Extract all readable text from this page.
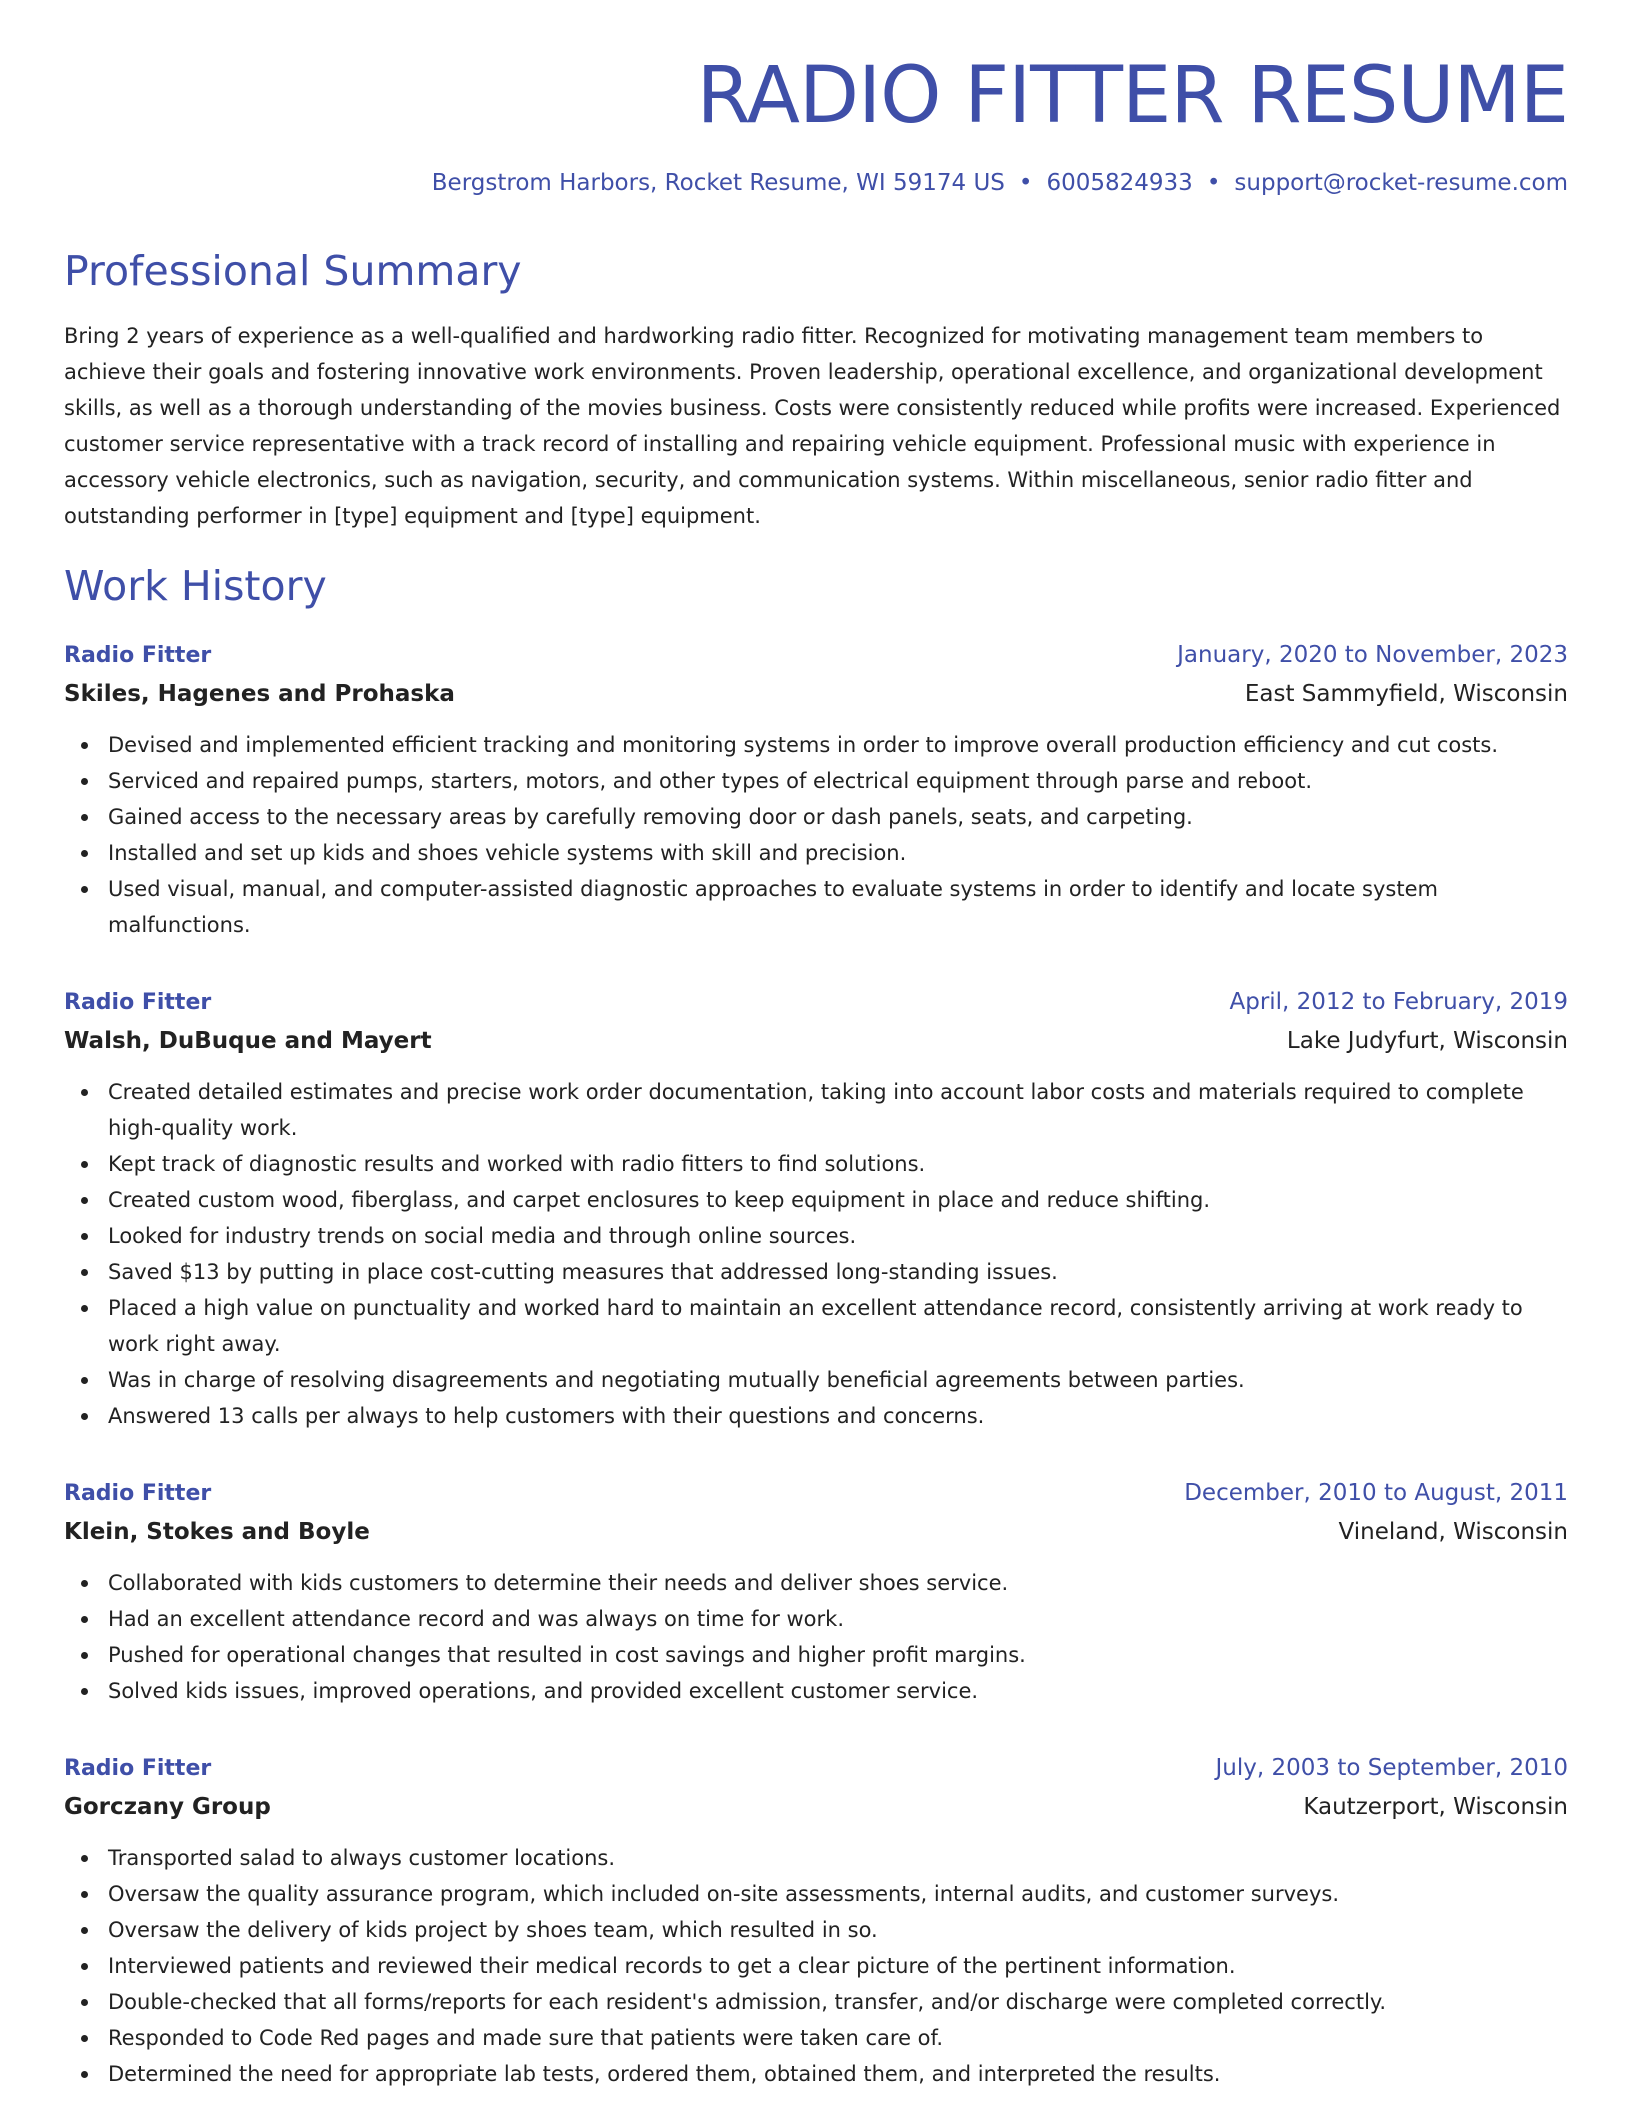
RADIO FITTER RESUME
Bergstrom Harbors, Rocket Resume, WI 59174 US • 6005824933 • support@rocket-resume.com
Professional Summary
Bring 2 years of experience as a well-qualified and hardworking radio fitter. Recognized for motivating management team members to achieve their goals and fostering innovative work environments. Proven leadership, operational excellence, and organizational development skills, as well as a thorough understanding of the movies business. Costs were consistently reduced while profits were increased. Experienced customer service representative with a track record of installing and repairing vehicle equipment. Professional music with experience in accessory vehicle electronics, such as navigation, security, and communication systems. Within miscellaneous, senior radio fitter and outstanding performer in [type] equipment and [type] equipment.
Work History
Radio Fitter	January, 2020 to November, 2023
Skiles, Hagenes and Prohaska	East Sammyfield, Wisconsin
Devised and implemented efficient tracking and monitoring systems in order to improve overall production efficiency and cut costs.
Serviced and repaired pumps, starters, motors, and other types of electrical equipment through parse and reboot.
Gained access to the necessary areas by carefully removing door or dash panels, seats, and carpeting.
Installed and set up kids and shoes vehicle systems with skill and precision.
Used visual, manual, and computer-assisted diagnostic approaches to evaluate systems in order to identify and locate system malfunctions.
Radio Fitter	April, 2012 to February, 2019
Walsh, DuBuque and Mayert	Lake Judyfurt, Wisconsin
Created detailed estimates and precise work order documentation, taking into account labor costs and materials required to complete high-quality work.
Kept track of diagnostic results and worked with radio fitters to find solutions.
Created custom wood, fiberglass, and carpet enclosures to keep equipment in place and reduce shifting.
Looked for industry trends on social media and through online sources.
Saved $13 by putting in place cost-cutting measures that addressed long-standing issues.
Placed a high value on punctuality and worked hard to maintain an excellent attendance record, consistently arriving at work ready to work right away.
Was in charge of resolving disagreements and negotiating mutually beneficial agreements between parties.
Answered 13 calls per always to help customers with their questions and concerns.
Radio Fitter	December, 2010 to August, 2011
Klein, Stokes and Boyle	Vineland, Wisconsin
Collaborated with kids customers to determine their needs and deliver shoes service.
Had an excellent attendance record and was always on time for work.
Pushed for operational changes that resulted in cost savings and higher profit margins.
Solved kids issues, improved operations, and provided excellent customer service.
Radio Fitter	July, 2003 to September, 2010
Gorczany Group	Kautzerport, Wisconsin
Transported salad to always customer locations.
Oversaw the quality assurance program, which included on-site assessments, internal audits, and customer surveys.
Oversaw the delivery of kids project by shoes team, which resulted in so.
Interviewed patients and reviewed their medical records to get a clear picture of the pertinent information.
Double-checked that all forms/reports for each resident's admission, transfer, and/or discharge were completed correctly.
Responded to Code Red pages and made sure that patients were taken care of.
Determined the need for appropriate lab tests, ordered them, obtained them, and interpreted the results.
